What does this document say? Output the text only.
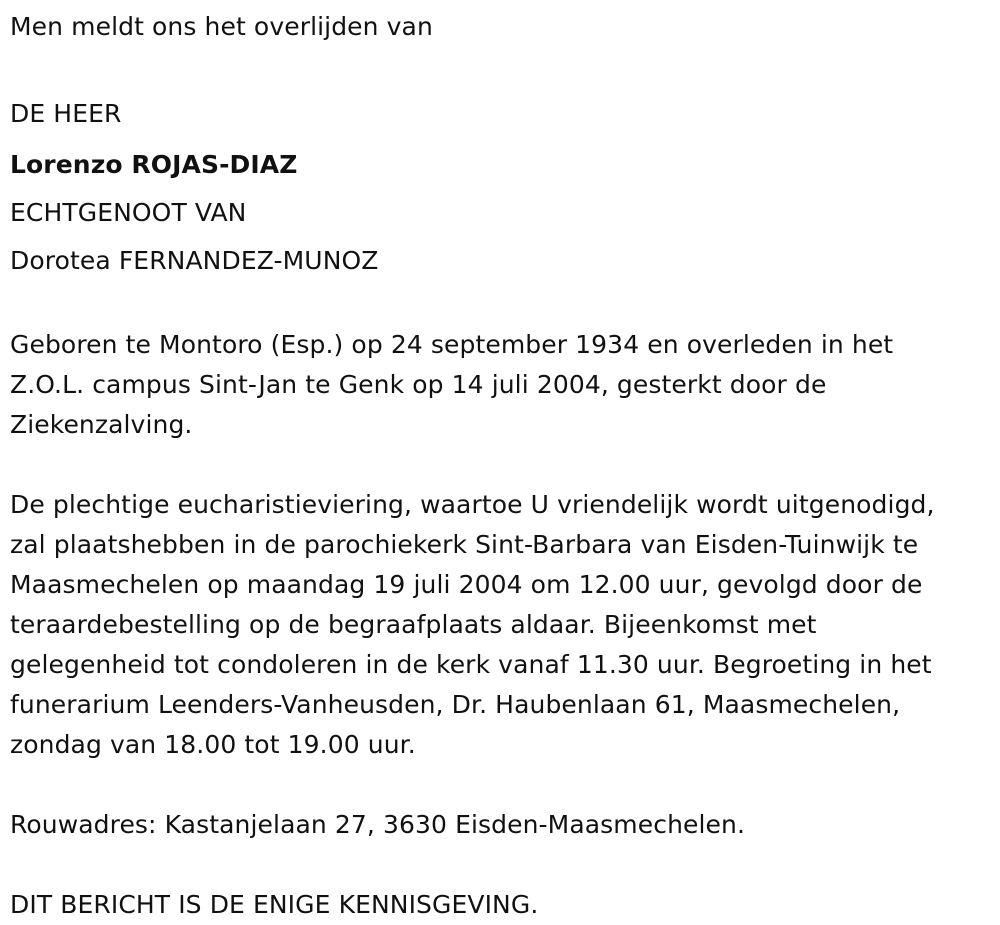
Men meldt ons het overlijden van
DE HEER
Lorenzo ROJAS-DIAZ
ECHTGENOOT VAN
Dorotea FERNANDEZ-MUNOZ
Geboren te Montoro (Esp.) op 24 september 1934 en overleden in het
Z.O.L. campus Sint-Jan te Genk op 14 juli 2004, gesterkt door de
Ziekenzalving.
De plechtige eucharistieviering, waartoe U vriendelijk wordt uitgenodigd,
zal plaatshebben in de parochiekerk Sint-Barbara van Eisden-Tuinwijk te
Maasmechelen op maandag 19 juli 2004 om 12.00 uur, gevolgd door de
teraardebestelling op de begraafplaats aldaar. Bijeenkomst met
gelegenheid tot condoleren in de kerk vanaf 11.30 uur. Begroeting in het
funerarium Leenders-Vanheusden, Dr. Haubenlaan 61, Maasmechelen,
zondag van 18.00 tot 19.00 uur.
Rouwadres: Kastanjelaan 27, 3630 Eisden-Maasmechelen.
DIT BERICHT IS DE ENIGE KENNISGEVING.
